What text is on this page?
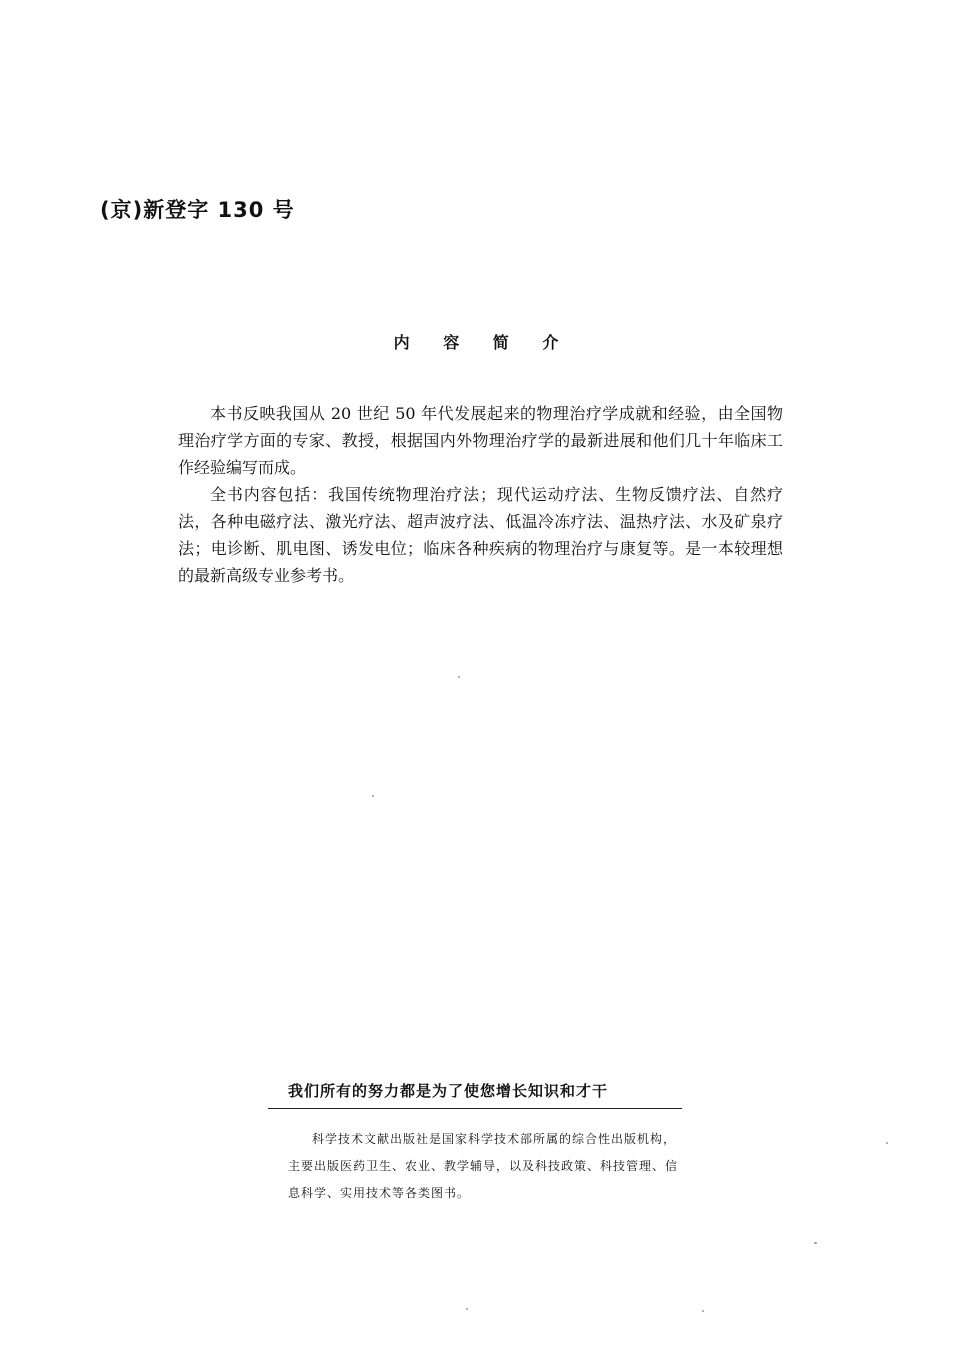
(京)新登字 130 号
内 容 简 介

本书反映我国从 20 世纪 50 年代发展起来的物理治疗学成就和经验，由全国物理治疗学方面的专家、教授，根据国内外物理治疗学的最新进展和他们几十年临床工作经验编写而成。

全书内容包括：我国传统物理治疗法；现代运动疗法、生物反馈疗法、自然疗法，各种电磁疗法、激光疗法、超声波疗法、低温冷冻疗法、温热疗法、水及矿泉疗法；电诊断、肌电图、诱发电位；临床各种疾病的物理治疗与康复等。是一本较理想的最新高级专业参考书。

我们所有的努力都是为了使您增长知识和才干

科学技术文献出版社是国家科学技术部所属的综合性出版机构，主要出版医药卫生、农业、教学辅导，以及科技政策、科技管理、信息科学、实用技术等各类图书。
